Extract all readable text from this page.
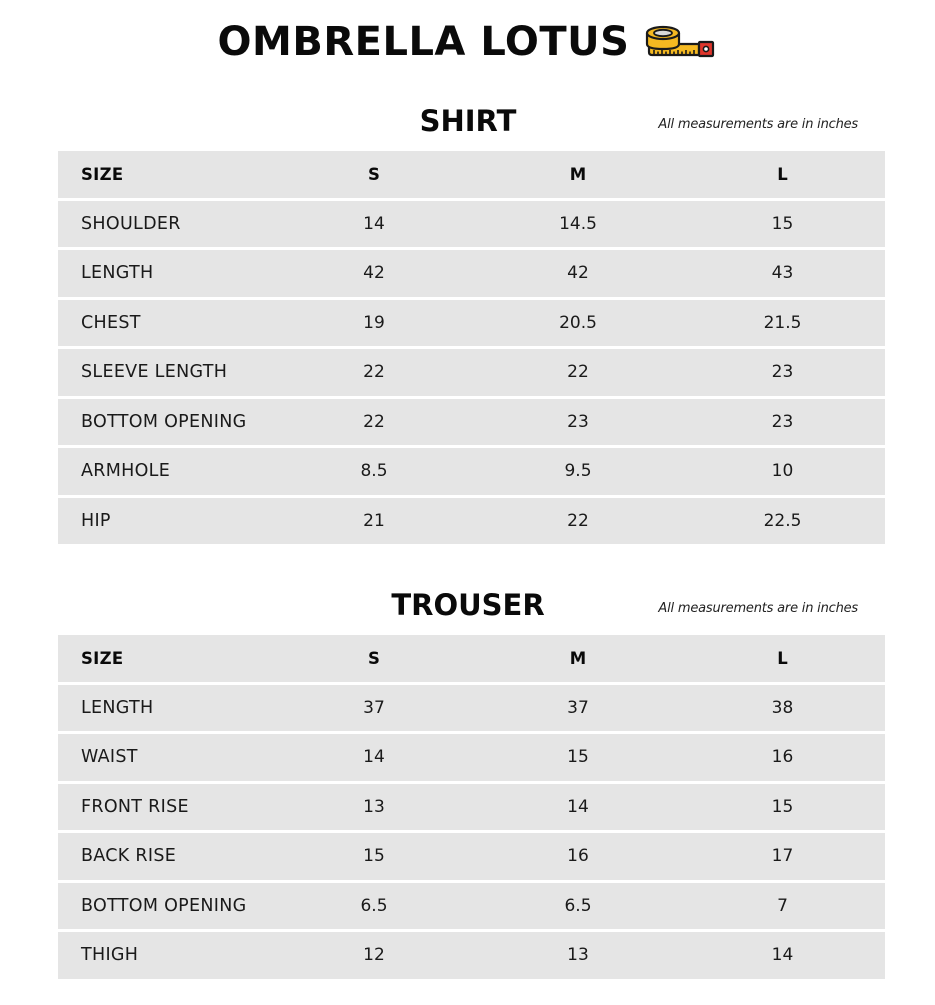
OMBRELLA LOTUS
SHIRT	All measurements are in inches
SIZE	S	M	L
SHOULDER	14	14.5	15
LENGTH	42	42	43
CHEST	19	20.5	21.5
SLEEVE LENGTH	22	22	23
BOTTOM OPENING	22	23	23
ARMHOLE	8.5	9.5	10
HIP	21	22	22.5
TROUSER	All measurements are in inches
SIZE	S	M	L
LENGTH	37	37	38
WAIST	14	15	16
FRONT RISE	13	14	15
BACK RISE	15	16	17
BOTTOM OPENING	6.5	6.5	7
THIGH	12	13	14
